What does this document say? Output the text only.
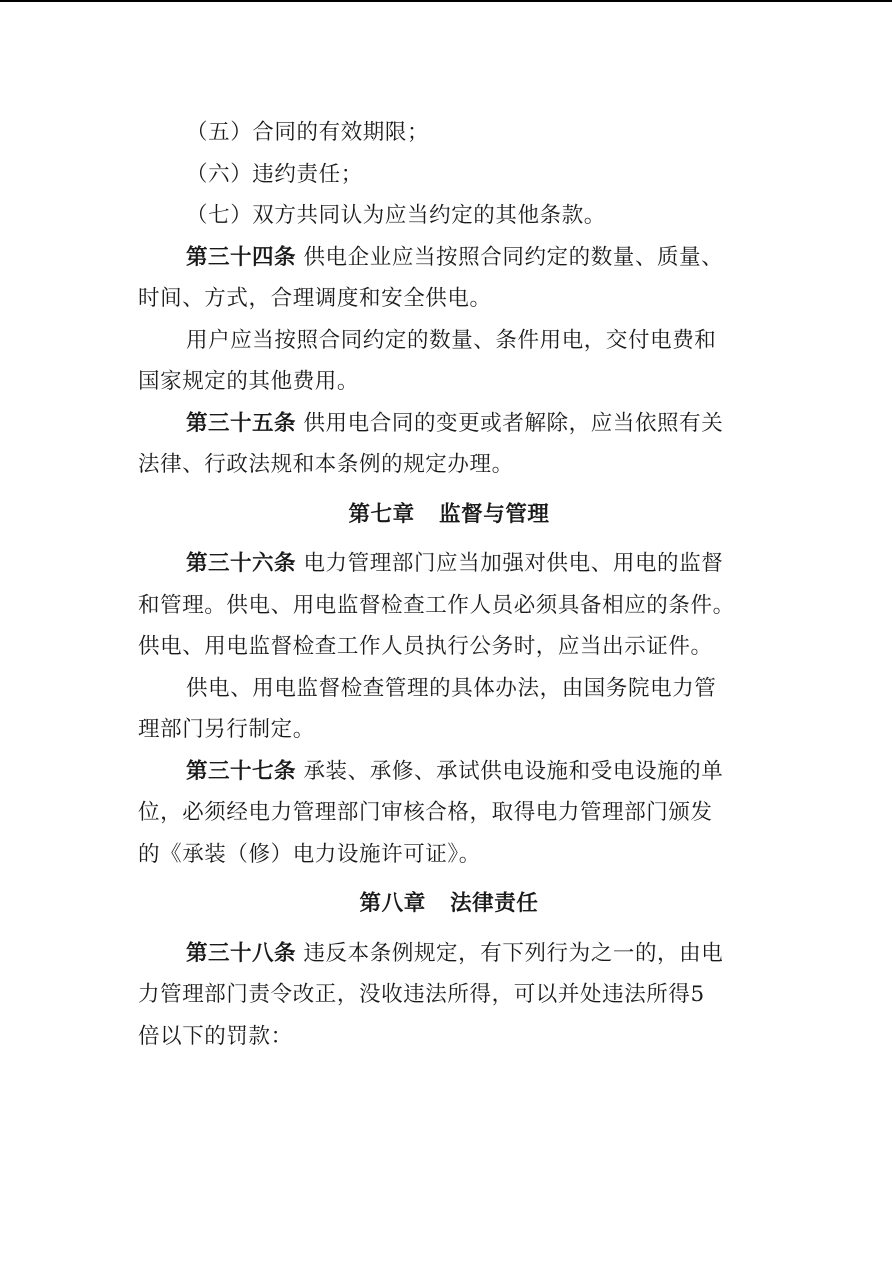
（五）合同的有效期限；
（六）违约责任；
（七）双方共同认为应当约定的其他条款。
第三十四条 供电企业应当按照合同约定的数量、质量、
时间、方式，合理调度和安全供电。
用户应当按照合同约定的数量、条件用电，交付电费和
国家规定的其他费用。
第三十五条 供用电合同的变更或者解除，应当依照有关
法律、行政法规和本条例的规定办理。
第七章 监督与管理
第三十六条 电力管理部门应当加强对供电、用电的监督
和管理。供电、用电监督检查工作人员必须具备相应的条件。
供电、用电监督检查工作人员执行公务时，应当出示证件。
供电、用电监督检查管理的具体办法，由国务院电力管
理部门另行制定。
第三十七条 承装、承修、承试供电设施和受电设施的单
位，必须经电力管理部门审核合格，取得电力管理部门颁发
的《承装（修）电力设施许可证》。
第八章 法律责任
第三十八条 违反本条例规定，有下列行为之一的，由电
力管理部门责令改正，没收违法所得，可以并处违法所得5
倍以下的罚款：
